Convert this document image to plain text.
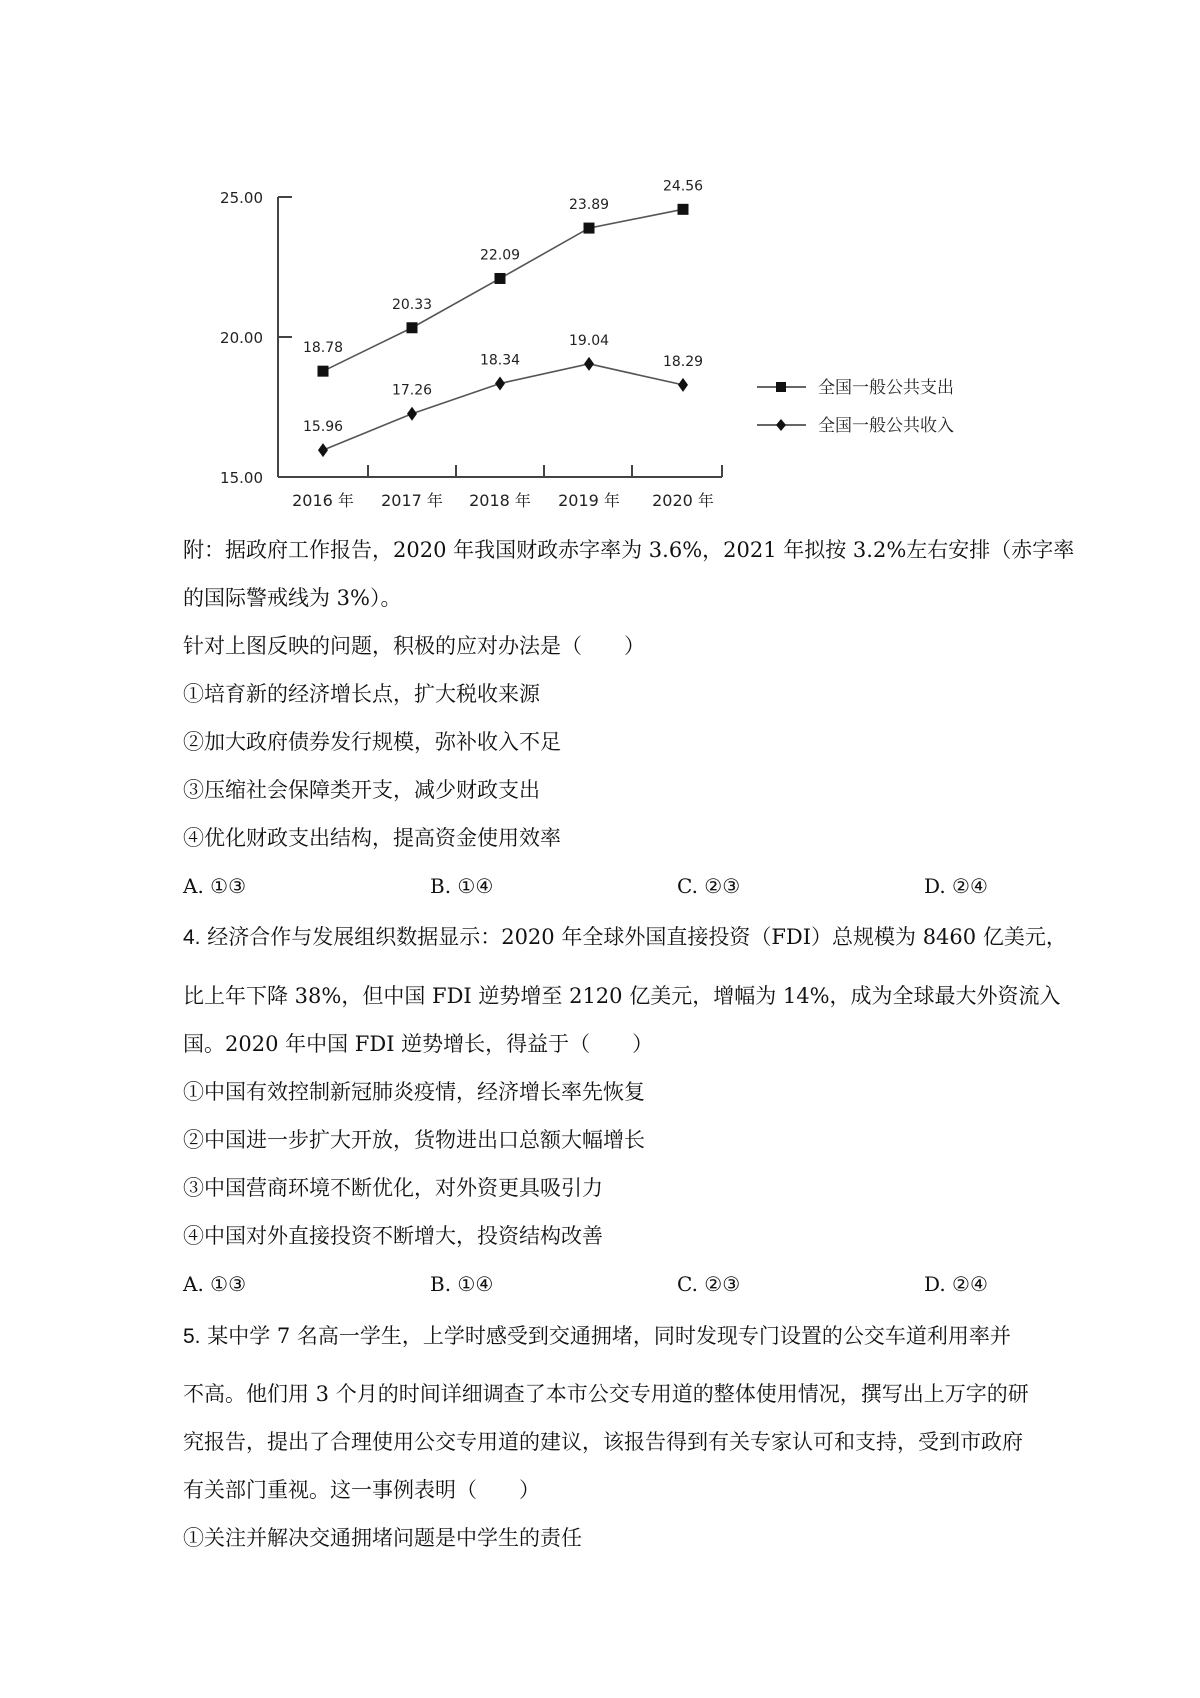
15.00
20.00
25.00
2016 年 2017 年 2018 年 2019 年 2020 年
18.78
20.33
22.09
23.89
24.56
15.96
17.26
18.34
19.04
18.29
全国一般公共支出
全国一般公共收入
附：据政府工作报告，2020 年我国财政赤字率为 3.6%，2021 年拟按 3.2%左右安排（赤字率
的国际警戒线为 3%）。
针对上图反映的问题，积极的应对办法是（　　）
①培育新的经济增长点，扩大税收来源
②加大政府债券发行规模，弥补收入不足
③压缩社会保障类开支，减少财政支出
④优化财政支出结构，提高资金使用效率
A. ①③	B. ①④	C. ②③	D. ②④
4. 经济合作与发展组织数据显示：2020 年全球外国直接投资（FDI）总规模为 8460 亿美元，
比上年下降 38%，但中国 FDI 逆势增至 2120 亿美元，增幅为 14%，成为全球最大外资流入
国。2020 年中国 FDI 逆势增长，得益于（　　）
①中国有效控制新冠肺炎疫情，经济增长率先恢复
②中国进一步扩大开放，货物进出口总额大幅增长
③中国营商环境不断优化，对外资更具吸引力
④中国对外直接投资不断增大，投资结构改善
A. ①③	B. ①④	C. ②③	D. ②④
5. 某中学 7 名高一学生，上学时感受到交通拥堵，同时发现专门设置的公交车道利用率并
不高。他们用 3 个月的时间详细调查了本市公交专用道的整体使用情况，撰写出上万字的研
究报告，提出了合理使用公交专用道的建议，该报告得到有关专家认可和支持，受到市政府
有关部门重视。这一事例表明（　　）
①关注并解决交通拥堵问题是中学生的责任
